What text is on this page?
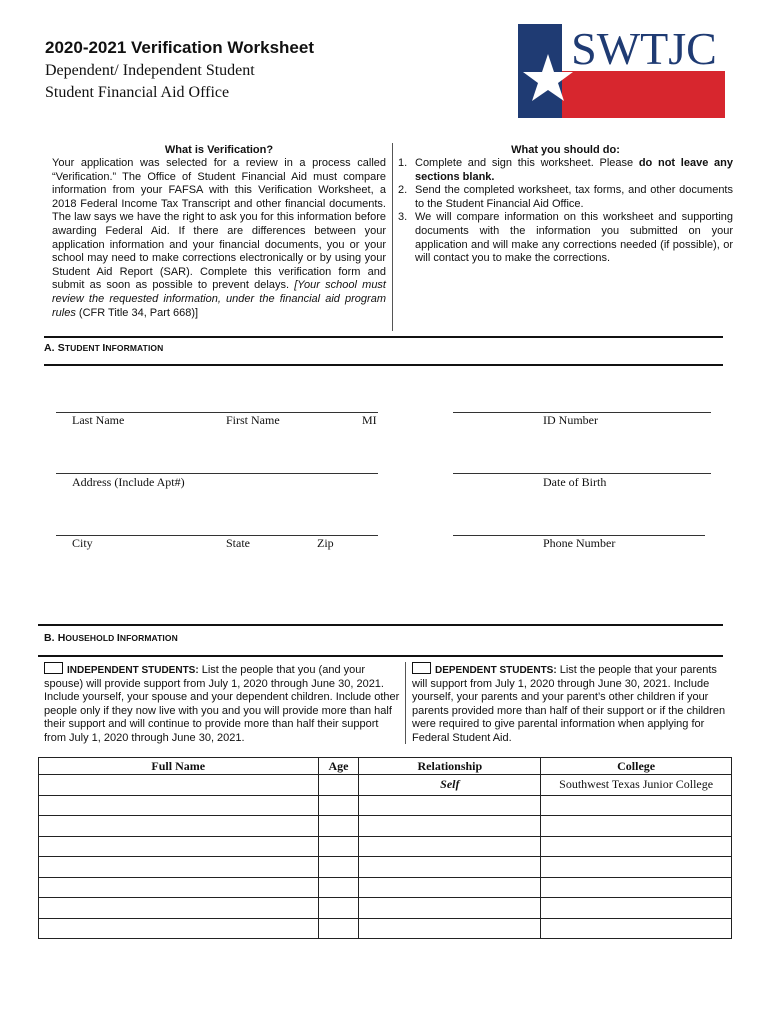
2020-2021 Verification Worksheet
Dependent/ Independent Student
Student Financial Aid Office
SWTJC
What is Verification?
Your application was selected for a review in a process called “Verification.” The Office of Student Financial Aid must compare information from your FAFSA with this Verification Worksheet, a 2018 Federal Income Tax Transcript and other financial documents. The law says we have the right to ask you for this information before awarding Federal Aid. If there are differences between your application information and your financial documents, you or your school may need to make corrections electronically or by using your Student Aid Report (SAR). Complete this verification form and submit as soon as possible to prevent delays. [Your school must review the requested information, under the financial aid program rules (CFR Title 34, Part 668)]
What you should do:
1. Complete and sign this worksheet. Please do not leave any sections blank.
2. Send the completed worksheet, tax forms, and other documents to the Student Financial Aid Office.
3. We will compare information on this worksheet and supporting documents with the information you submitted on your application and will make any corrections needed (if possible), or will contact you to make the corrections.
A. STUDENT INFORMATION
Last Name	First Name	MI	ID Number
Address (Include Apt#)	Date of Birth
City	State	Zip	Phone Number
B. HOUSEHOLD INFORMATION
INDEPENDENT STUDENTS: List the people that you (and your spouse) will provide support from July 1, 2020 through June 30, 2021. Include yourself, your spouse and your dependent children. Include other people only if they now live with you and you will provide more than half their support and will continue to provide more than half their support from July 1, 2020 through June 30, 2021.
DEPENDENT STUDENTS: List the people that your parents will support from July 1, 2020 through June 30, 2021. Include yourself, your parents and your parent’s other children if your parents provided more than half of their support or if the children were required to give parental information when applying for Federal Student Aid.
Full Name	Age	Relationship	College
		Self	Southwest Texas Junior College
